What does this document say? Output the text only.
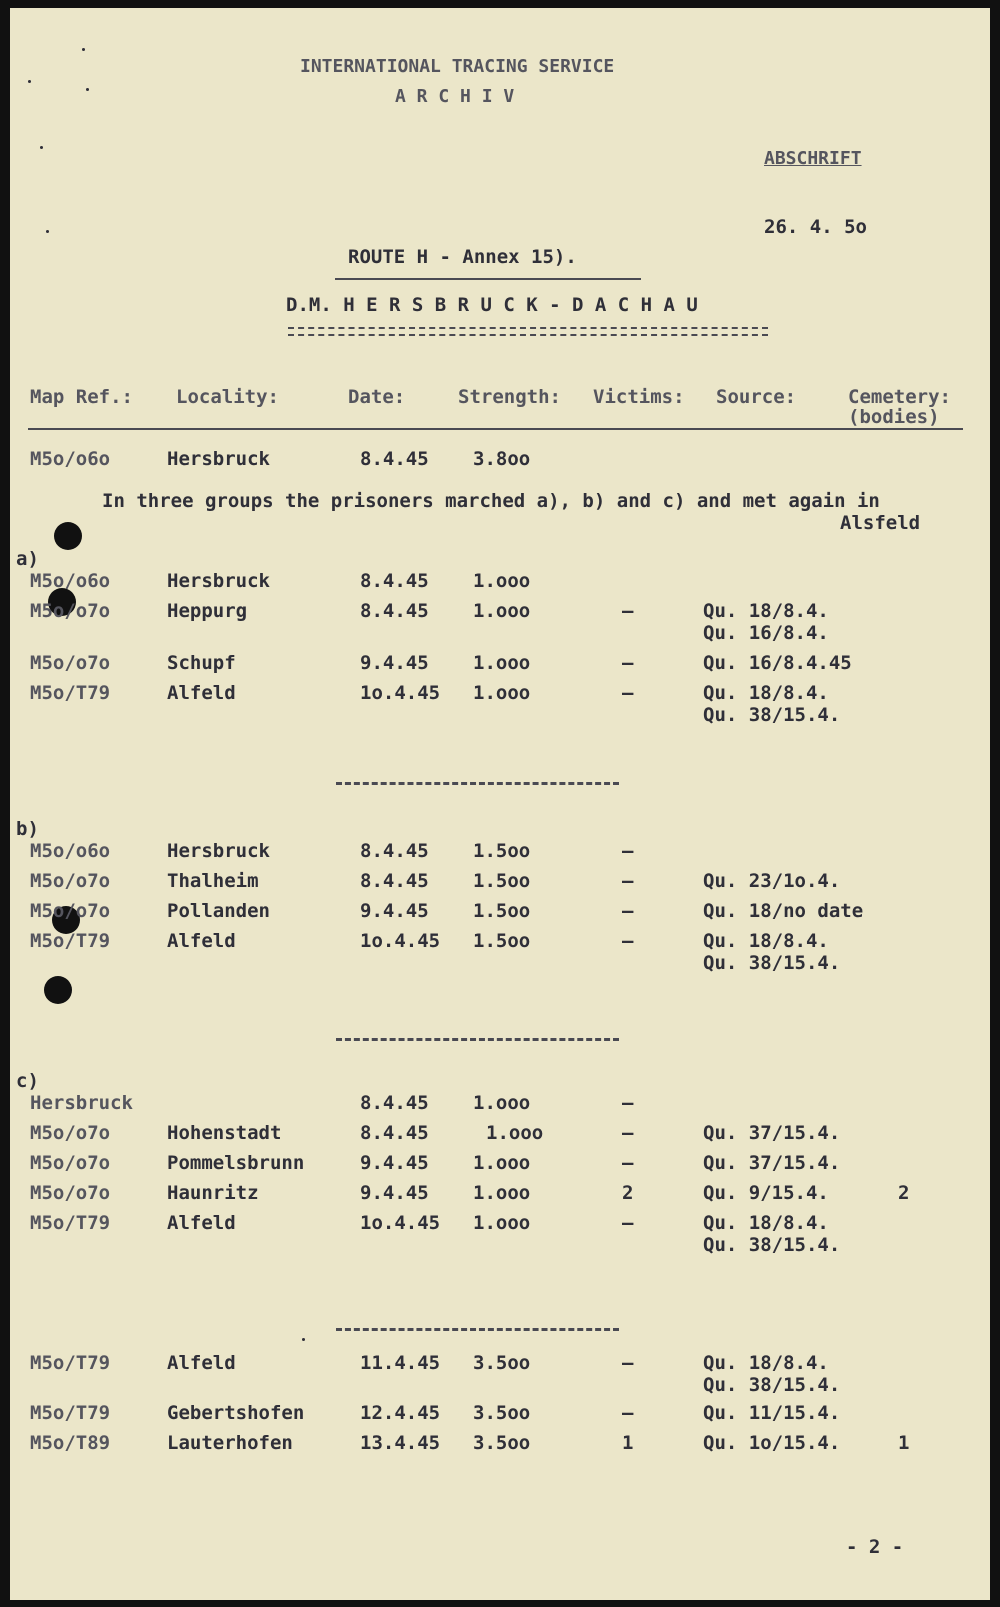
INTERNATIONAL TRACING SERVICE
A R C H I V
ABSCHRIFT
26. 4. 5o
ROUTE H - Annex 15).
D.M. H E R S B R U C K - D A C H A U
Map Ref.: Locality:	Date:	Strength: Victims: Source:	Cemetery:
(bodies)
M5o/o6o	Hersbruck	8.4.45 3.8oo
In three groups the prisoners marched a), b) and c) and met again in
Alsfeld
a)
M5o/o6o	Hersbruck	8.4.45 1.ooo
M5o/o7o	Heppurg	8.4.45 1.ooo	—	Qu. 18/8.4.
Qu. 16/8.4.
M5o/o7o	Schupf	9.4.45 1.ooo	—	Qu. 16/8.4.45
M5o/T79	Alfeld	1o.4.45 1.ooo	—	Qu. 18/8.4.
Qu. 38/15.4.
b)
M5o/o6o	Hersbruck	8.4.45 1.5oo	—
M5o/o7o	Thalheim	8.4.45 1.5oo	—	Qu. 23/1o.4.
M5o/o7o	Pollanden	9.4.45 1.5oo	—	Qu. 18/no date
M5o/T79	Alfeld	1o.4.45 1.5oo	—	Qu. 18/8.4.
Qu. 38/15.4.
c)
Hersbruck	8.4.45 1.ooo	—
M5o/o7o	Hohenstadt	8.4.45	1.ooo	—	Qu. 37/15.4.
M5o/o7o	Pommelsbrunn	9.4.45 1.ooo	—	Qu. 37/15.4.
M5o/o7o	Haunritz	9.4.45 1.ooo	2	Qu. 9/15.4.	2
M5o/T79	Alfeld	1o.4.45 1.ooo	—	Qu. 18/8.4.
Qu. 38/15.4.
M5o/T79	Alfeld	11.4.45 3.5oo	—	Qu. 18/8.4.
Qu. 38/15.4.
M5o/T79	Gebertshofen	12.4.45 3.5oo	—	Qu. 11/15.4.
M5o/T89	Lauterhofen	13.4.45 3.5oo	1	Qu. 1o/15.4.	1
- 2 -
